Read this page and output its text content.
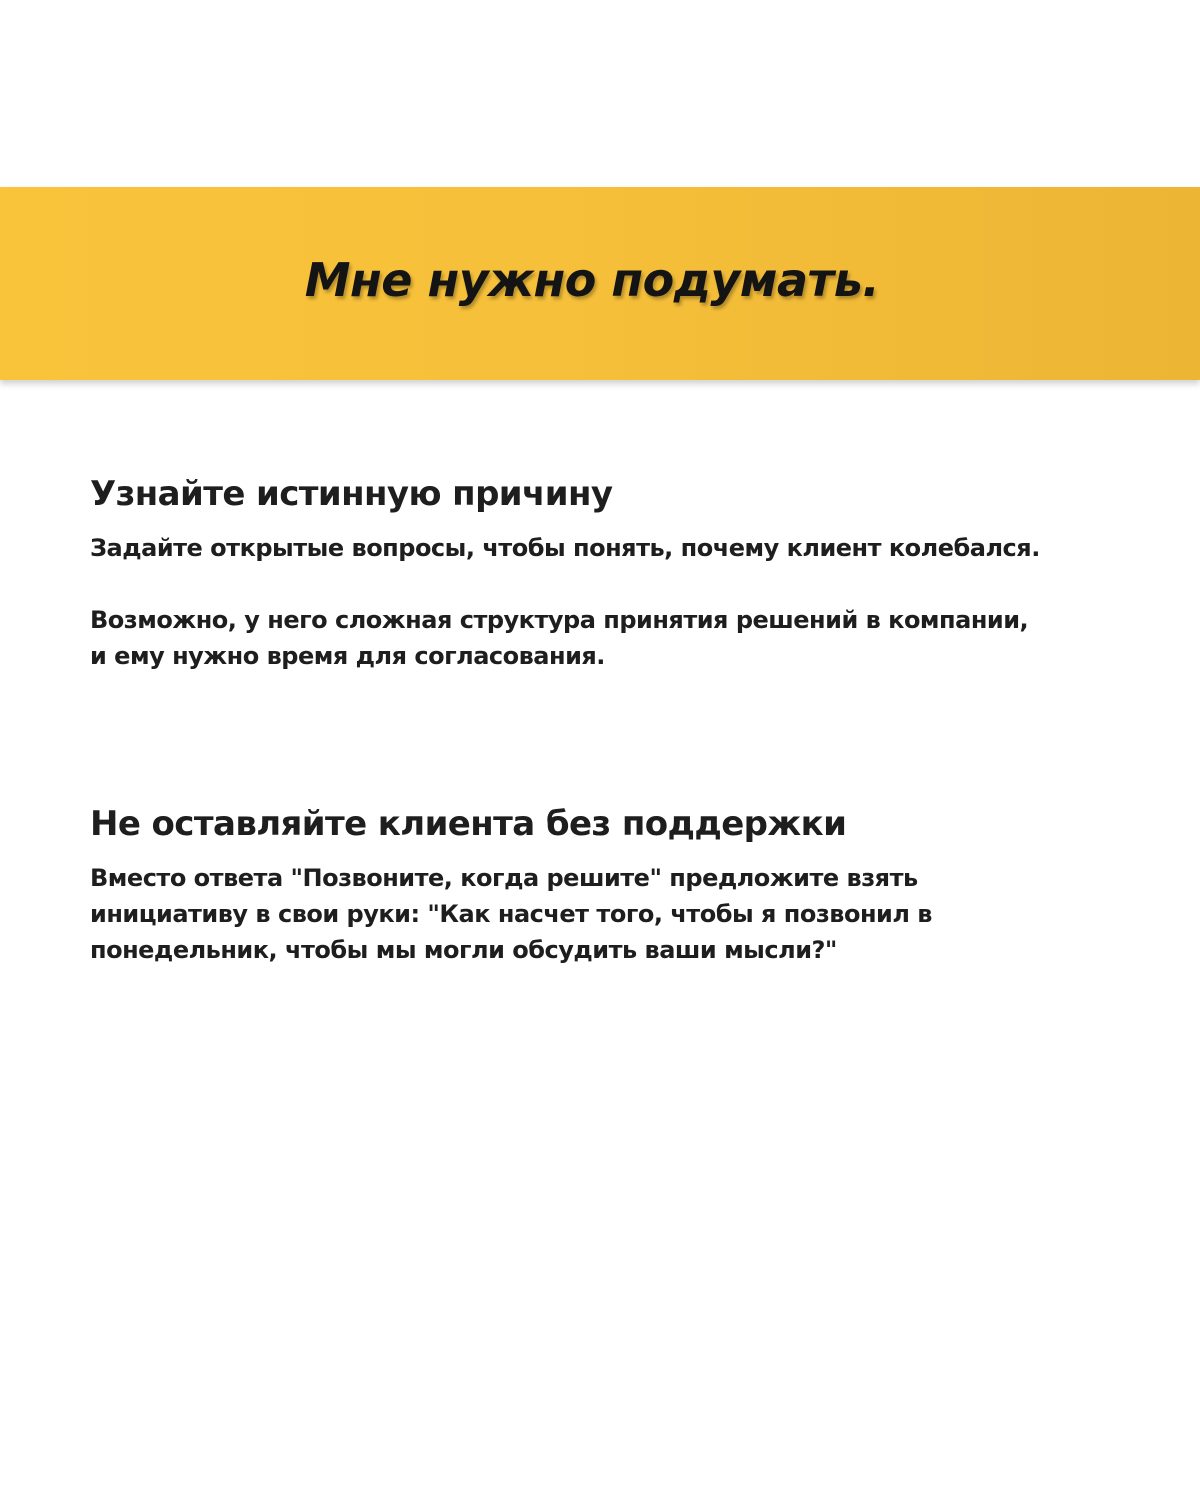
Мне нужно подумать.
Узнайте истинную причину

Задайте открытые вопросы, чтобы понять, почему клиент колебался.

Возможно, у него сложная структура принятия решений в компании, и ему нужно время для согласования.

Не оставляйте клиента без поддержки

Вместо ответа "Позвоните, когда решите" предложите взять инициативу в свои руки: "Как насчет того, чтобы я позвонил в понедельник, чтобы мы могли обсудить ваши мысли?"
